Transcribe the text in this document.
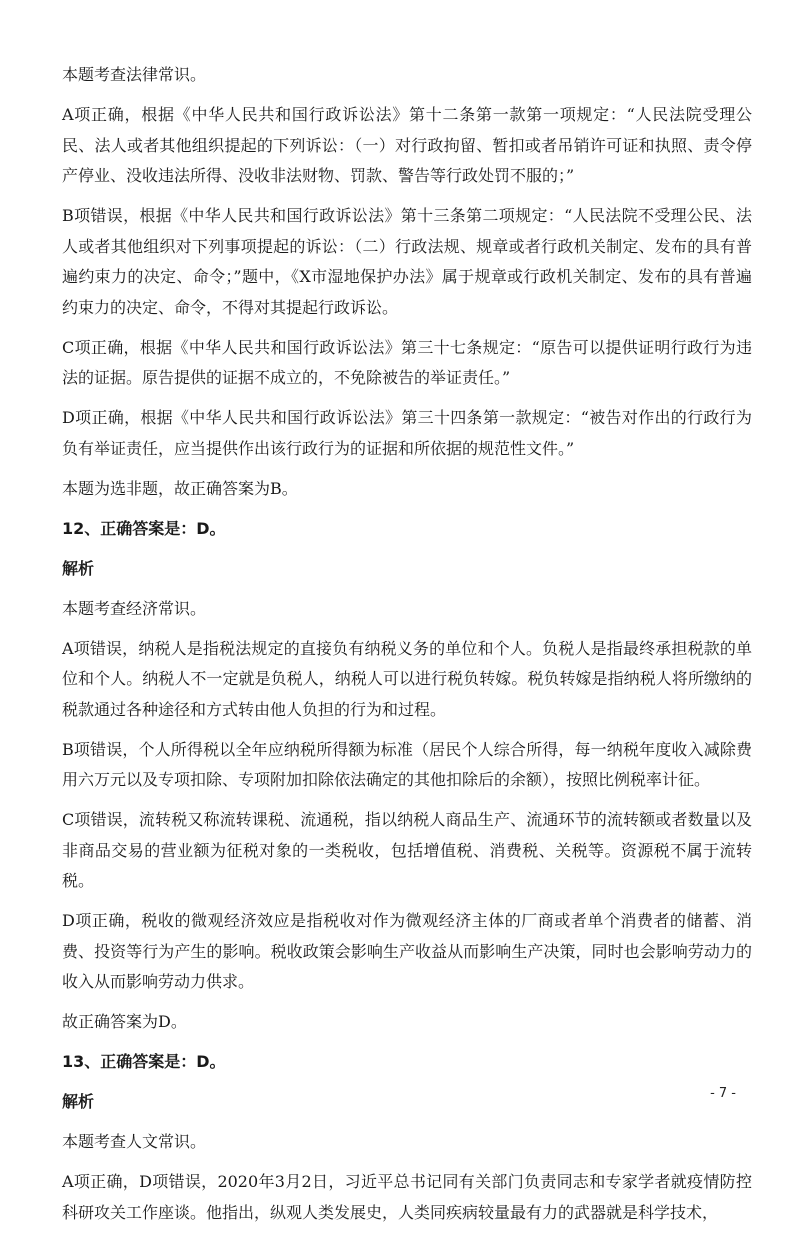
本题考查法律常识。

A项正确，根据《中华人民共和国行政诉讼法》第十二条第一款第一项规定：“人民法院受理公民、法人或者其他组织提起的下列诉讼：（一）对行政拘留、暂扣或者吊销许可证和执照、责令停产停业、没收违法所得、没收非法财物、罚款、警告等行政处罚不服的；”

B项错误，根据《中华人民共和国行政诉讼法》第十三条第二项规定：“人民法院不受理公民、法人或者其他组织对下列事项提起的诉讼：（二）行政法规、规章或者行政机关制定、发布的具有普遍约束力的决定、命令；”题中，《X市湿地保护办法》属于规章或行政机关制定、发布的具有普遍约束力的决定、命令，不得对其提起行政诉讼。

C项正确，根据《中华人民共和国行政诉讼法》第三十七条规定：“原告可以提供证明行政行为违法的证据。原告提供的证据不成立的，不免除被告的举证责任。”

D项正确，根据《中华人民共和国行政诉讼法》第三十四条第一款规定：“被告对作出的行政行为负有举证责任，应当提供作出该行政行为的证据和所依据的规范性文件。”

本题为选非题，故正确答案为B。

12、正确答案是：D。

解析

本题考查经济常识。

A项错误，纳税人是指税法规定的直接负有纳税义务的单位和个人。负税人是指最终承担税款的单位和个人。纳税人不一定就是负税人，纳税人可以进行税负转嫁。税负转嫁是指纳税人将所缴纳的税款通过各种途径和方式转由他人负担的行为和过程。

B项错误，个人所得税以全年应纳税所得额为标准（居民个人综合所得，每一纳税年度收入减除费用六万元以及专项扣除、专项附加扣除依法确定的其他扣除后的余额），按照比例税率计征。

C项错误，流转税又称流转课税、流通税，指以纳税人商品生产、流通环节的流转额或者数量以及非商品交易的营业额为征税对象的一类税收，包括增值税、消费税、关税等。资源税不属于流转税。

D项正确，税收的微观经济效应是指税收对作为微观经济主体的厂商或者单个消费者的储蓄、消费、投资等行为产生的影响。税收政策会影响生产收益从而影响生产决策，同时也会影响劳动力的收入从而影响劳动力供求。

故正确答案为D。

13、正确答案是：D。

解析

本题考查人文常识。

A项正确，D项错误，2020年3月2日，习近平总书记同有关部门负责同志和专家学者就疫情防控科研攻关工作座谈。他指出，纵观人类发展史，人类同疾病较量最有力的武器就是科学技术，

- 7 -
